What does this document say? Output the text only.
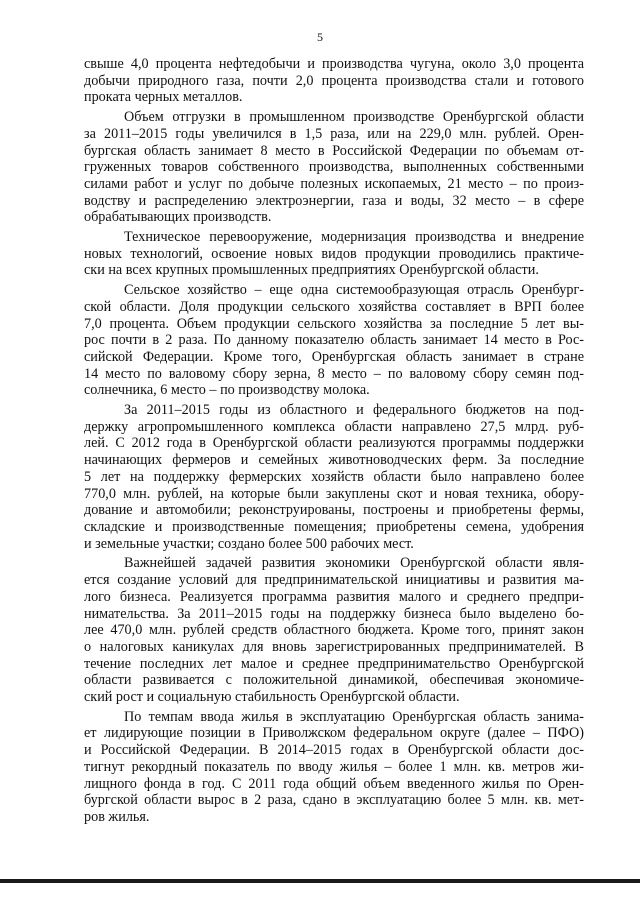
5

свыше 4,0 процента нефтедобычи и производства чугуна, около 3,0 процента
добычи природного газа, почти 2,0 процента производства стали и готового
проката черных металлов.

Объем отгрузки в промышленном производстве Оренбургской области
за 2011–2015 годы увеличился в 1,5 раза, или на 229,0 млн. рублей. Орен-
бургская область занимает 8 место в Российской Федерации по объемам от-
груженных товаров собственного производства, выполненных собственными
силами работ и услуг по добыче полезных ископаемых, 21 место – по произ-
водству и распределению электроэнергии, газа и воды, 32 место – в сфере
обрабатывающих производств.

Техническое перевооружение, модернизация производства и внедрение
новых технологий, освоение новых видов продукции проводились практиче-
ски на всех крупных промышленных предприятиях Оренбургской области.

Сельское хозяйство – еще одна системообразующая отрасль Оренбург-
ской области. Доля продукции сельского хозяйства составляет в ВРП более
7,0 процента. Объем продукции сельского хозяйства за последние 5 лет вы-
рос почти в 2 раза. По данному показателю область занимает 14 место в Рос-
сийской Федерации. Кроме того, Оренбургская область занимает в стране
14 место по валовому сбору зерна, 8 место – по валовому сбору семян под-
солнечника, 6 место – по производству молока.

За 2011–2015 годы из областного и федерального бюджетов на под-
держку агропромышленного комплекса области направлено 27,5 млрд. руб-
лей. С 2012 года в Оренбургской области реализуются программы поддержки
начинающих фермеров и семейных животноводческих ферм. За последние
5 лет на поддержку фермерских хозяйств области было направлено более
770,0 млн. рублей, на которые были закуплены скот и новая техника, обору-
дование и автомобили; реконструированы, построены и приобретены фермы,
складские и производственные помещения; приобретены семена, удобрения
и земельные участки; создано более 500 рабочих мест.

Важнейшей задачей развития экономики Оренбургской области явля-
ется создание условий для предпринимательской инициативы и развития ма-
лого бизнеса. Реализуется программа развития малого и среднего предпри-
нимательства. За 2011–2015 годы на поддержку бизнеса было выделено бо-
лее 470,0 млн. рублей средств областного бюджета. Кроме того, принят закон
о налоговых каникулах для вновь зарегистрированных предпринимателей. В
течение последних лет малое и среднее предпринимательство Оренбургской
области развивается с положительной динамикой, обеспечивая экономиче-
ский рост и социальную стабильность Оренбургской области.

По темпам ввода жилья в эксплуатацию Оренбургская область занима-
ет лидирующие позиции в Приволжском федеральном округе (далее – ПФО)
и Российской Федерации. В 2014–2015 годах в Оренбургской области дос-
тигнут рекордный показатель по вводу жилья – более 1 млн. кв. метров жи-
лищного фонда в год. С 2011 года общий объем введенного жилья по Орен-
бургской области вырос в 2 раза, сдано в эксплуатацию более 5 млн. кв. мет-
ров жилья.
